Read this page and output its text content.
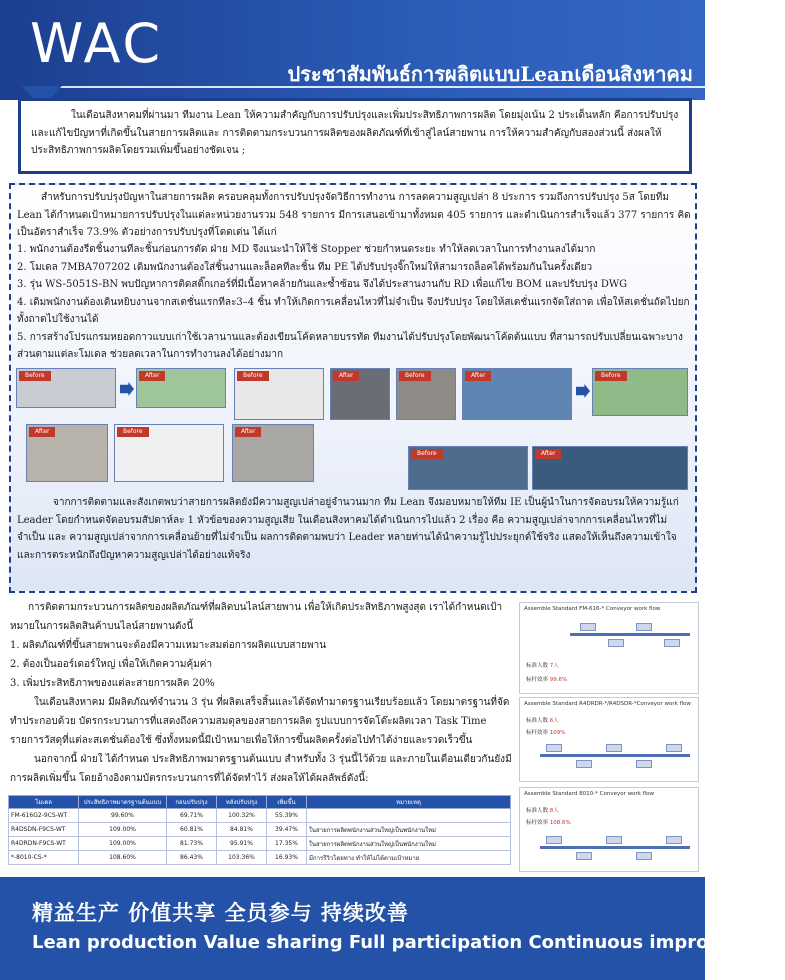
WAC	ประชาสัมพันธ์การผลิตแบบLeanเดือนสิงหาคม
ในเดือนสิงหาคมที่ผ่านมา ทีมงาน Lean ให้ความสำคัญกับการปรับปรุงและเพิ่มประสิทธิภาพการผลิต โดยมุ่งเน้น 2 ประเด็นหลัก คือการปรับปรุงและแก้ไขปัญหาที่เกิดขึ้นในสายการผลิตและ การติดตามกระบวนการผลิตของผลิตภัณฑ์ที่เข้าสู่ไลน์สายพาน การให้ความสำคัญกับสองส่วนนี้ ส่งผลให้ประสิทธิภาพการผลิตโดยรวมเพิ่มขึ้นอย่างชัดเจน ;

สำหรับการปรับปรุงปัญหาในสายการผลิต ครอบคลุมทั้งการปรับปรุงจัดวิธีการทำงาน การลดความสูญเปล่า 8 ประการ รวมถึงการปรับปรุง 5ส โดยทีม Lean ได้กำหนดเป้าหมายการปรับปรุงในแต่ละหน่วยงานรวม 548 รายการ มีการเสนอเข้ามาทั้งหมด 405 รายการ และดำเนินการสำเร็จแล้ว 377 รายการ คิดเป็นอัตราสำเร็จ 73.9% ตัวอย่างการปรับปรุงที่โดดเด่น ได้แก่

1. พนักงานต้องรีดชิ้นงานทีละชิ้นก่อนการตัด ฝ่าย MD จึงแนะนำให้ใช้ Stopper ช่วยกำหนดระยะ ทำให้ลดเวลาในการทำงานลงได้มาก

2. โมเดล 7MBA707202 เดิมพนักงานต้องใส่ชิ้นงานและล็อคทีละชิ้น ทีม PE ได้ปรับปรุงจิ๊กใหม่ให้สามารถล็อคได้พร้อมกันในครั้งเดียว

3. รุ่น WS-5051S-BN พบปัญหาการติดสติ๊กเกอร์ที่มีเนื้อหาคล้ายกันและซ้ำซ้อน จึงได้ประสานงานกับ RD เพื่อแก้ไข BOM และปรับปรุง DWG

4. เดิมพนักงานต้องเดินหยิบงานจากสเตชั่นแรกทีละ3–4 ชิ้น ทำให้เกิดการเคลื่อนไหวที่ไม่จำเป็น จึงปรับปรุง โดยให้สเตชั่นแรกจัดใส่ถาด เพื่อให้สเตชั่นถัดไปยกทั้งถาดไปใช้งานได้

5. การสร้างโปรแกรมหยอดกาวแบบเก่าใช้เวลานานและต้องเขียนโค้ดหลายบรรทัด ทีมงานได้ปรับปรุงโดยพัฒนาโค้ดต้นแบบ ที่สามารถปรับเปลี่ยนเฉพาะบางส่วนตามแต่ละโมเดล ช่วยลดเวลาในการทำงานลงได้อย่างมาก

จากการติดตามและสังเกตพบว่าสายการผลิตยังมีความสูญเปล่าอยู่จำนวนมาก ทีม Lean จึงมอบหมายให้ทีม IE เป็นผู้นำในการจัดอบรมให้ความรู้แก่ Leader โดยกำหนดจัดอบรมสัปดาห์ละ 1 หัวข้อของความสูญเสีย ในเดือนสิงหาคมได้ดำเนินการไปแล้ว 2 เรื่อง คือ ความสูญเปล่าจากการเคลื่อนไหวที่ไม่จำเป็น และ ความสูญเปล่าจากการเคลื่อนย้ายที่ไม่จำเป็น ผลการติดตามพบว่า Leader หลายท่านได้นำความรู้ไปประยุกต์ใช้จริง แสดงให้เห็นถึงความเข้าใจและการตระหนักถึงปัญหาความสูญเปล่าได้อย่างแท้จริง

Before	After	Before	After	Before	After	Before
After	Before	After
Before	After

การติดตามกระบวนการผลิตของผลิตภัณฑ์ที่ผลิตบนไลน์สายพาน เพื่อให้เกิดประสิทธิภาพสูงสุด เราได้กำหนดเป้าหมายในการผลิตสินค้าบนไลน์สายพานดังนี้

1. ผลิตภัณฑ์ที่ขึ้นสายพานจะต้องมีความเหมาะสมต่อการผลิตแบบสายพาน

2. ต้องเป็นออร์เดอร์ใหญ่ เพื่อให้เกิดความคุ้มค่า

3. เพิ่มประสิทธิภาพของแต่ละสายการผลิต 20%

ในเดือนสิงหาคม มีผลิตภัณฑ์จำนวน 3 รุ่น ที่ผลิตเสร็จสิ้นและได้จัดทำมาตรฐานเรียบร้อยแล้ว โดยมาตรฐานที่จัดทำประกอบด้วย บัตรกระบวนการที่แสดงถึงความสมดุลของสายการผลิต รูปแบบการจัดโต๊ะผลิตเวลา Task Time รายการวัสดุที่แต่ละสเตชั่นต้องใช้ ซึ่งทั้งหมดนี้มีเป้าหมายเพื่อให้การขึ้นผลิตครั้งต่อไปทำได้ง่ายและรวดเร็วขึ้น

นอกจากนี้ ฝ่ายใ ได้กำหนด ประสิทธิภาพมาตรฐานต้นแบบ สำหรับทั้ง 3 รุ่นนี้ไว้ด้วย และภายในเดือนเดียวกันยังมีการผลิตเพิ่มขึ้น โดยอ้างอิงตามบัตรกระบวนการที่ได้จัดทำไว้ ส่งผลให้ได้ผลลัพธ์ดังนี้:

โมเดล	ประสิทธิภาพมาตรฐานต้นแบบ	ก่อนปรับปรุง	หลังปรับปรุง	เพิ่มขึ้น	หมายเหตุ
FM-616G2-9CS-WT	99.60%	69.71%	100.32%	55.39%	
R4DSDN-F9CS-WT	109.00%	60.81%	84.81%	39.47%	ในสายการผลิตพนักงานส่วนใหญ่เป็นพนักงานใหม่
R4DRDN-F9CS-WT	109.00%	81.73%	95.91%	17.35%	ในสายการผลิตพนักงานส่วนใหญ่เป็นพนักงานใหม่
*-8010-CS-*	108.60%	86.43%	103.36%	16.93%	มีการรีวิวโดยทาง ทำให้ไม่ได้ตามเป้าหมาย
Assemble Standard FM-616-* Conveyor work flow
标准人数 7人
标杆效率 99.6%
Assemble Standard R4DRDR-*/R4DSDR-*Conveyor work flow
标准人数 6人
标杆效率 109%
Assemble Standard 8010-* Conveyor work flow
标准人数 8人
标杆效率 108.6%
精益生产 价值共享 全员参与 持续改善
Lean production Value sharing Full participation Continuous improvement
